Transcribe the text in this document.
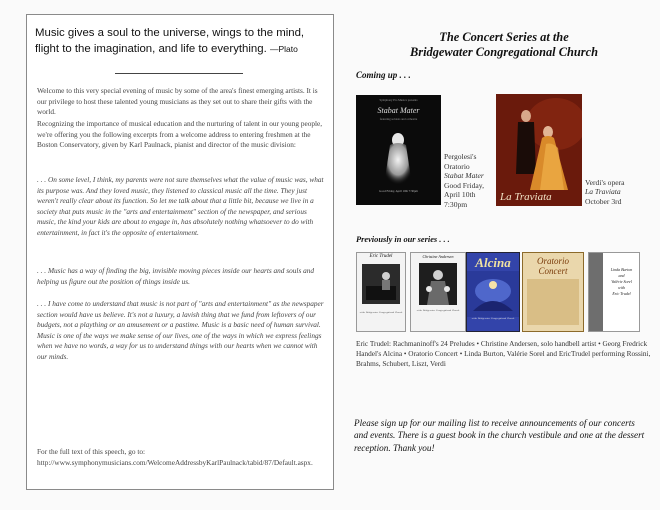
Music gives a soul to the universe, wings to the mind, flight to the imagination, and life to everything. —Plato

Welcome to this very special evening of music by some of the area's finest emerging artists. It is our privilege to host these talented young musicians as they set out to share their gifts with the world.

Recognizing the importance of musical education and the nurturing of talent in our young people, we're offering you the following excerpts from a welcome address to entering freshmen at the Boston Conservatory, given by Karl Paulnack, pianist and director of the music division:

. . . On some level, I think, my parents were not sure themselves what the value of music was, what its purpose was. And they loved music, they listened to classical music all the time. They just weren't really clear about its function. So let me talk about that a little bit, because we live in a society that puts music in the "arts and entertainment" section of the newspaper, and serious music, the kind your kids are about to engage in, has absolutely nothing whatsoever to do with entertainment, in fact it's the opposite of entertainment.

. . . Music has a way of finding the big, invisible moving pieces inside our hearts and souls and helping us figure out the position of things inside us.

. . . I have come to understand that music is not part of "arts and entertainment" as the newspaper section would have us believe. It's not a luxury, a lavish thing that we fund from leftovers of our budgets, not a plaything or an amusement or a pastime. Music is a basic need of human survival. Music is one of the ways we make sense of our lives, one of the ways in which we express feelings when we have no words, a way for us to understand things with our hearts when we cannot with our minds.

For the full text of this speech, go to:
http://www.symphonymusicians.com/WelcomeAddressbyKarlPaulnack/tabid/87/Default.aspx.

The Concert Series at the
Bridgewater Congregational Church
Coming up . . .
Symphony Pro Musica presents
Stabat Mater
featuring soloists and orchestra
Good Friday, April 10th 7:30pm
Pergolesi's
Oratorio
Stabat Mater
Good Friday,
April 10th
7:30pm
La Traviata
Verdi's opera
La Traviata
October 3rd
Previously in our series . . .
Eric Trudel
at the Bridgewater Congregational Church
Christine Andersen
at the Bridgewater Congregational Church
Alcina
at the Bridgewater Congregational Church
Oratorio
Concert	Linda Burton
and
Valérie Sorel
with
Eric Trudel

Eric Trudel: Rachmaninoff's 24 Preludes • Christine Andersen, solo handbell artist • Georg Fredrick Handel's Alcina • Oratorio Concert • Linda Burton, Valérie Sorel and EricTrudel performing Rossini, Brahms, Schubert, Liszt, Verdi

Please sign up for our mailing list to receive announcements of our concerts and events. There is a guest book in the church vestibule and one at the dessert reception. Thank you!
